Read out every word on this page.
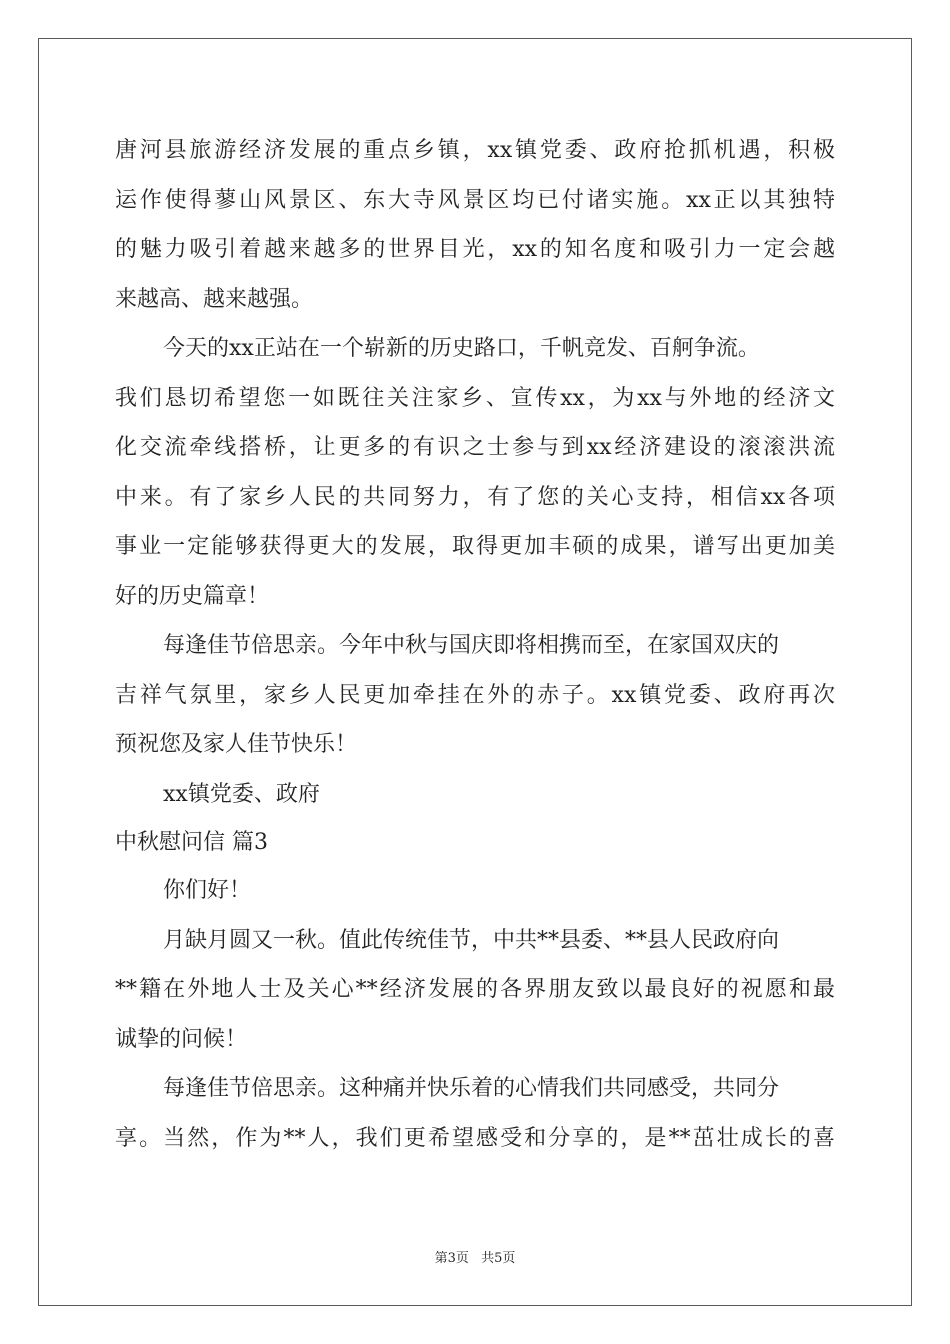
唐河县旅游经济发展的重点乡镇，xx镇党委、政府抢抓机遇，积极
运作使得蓼山风景区、东大寺风景区均已付诸实施。xx正以其独特
的魅力吸引着越来越多的世界目光，xx的知名度和吸引力一定会越
来越高、越来越强。
今天的xx正站在一个崭新的历史路口，千帆竞发、百舸争流。
我们恳切希望您一如既往关注家乡、宣传xx，为xx与外地的经济文
化交流牵线搭桥，让更多的有识之士参与到xx经济建设的滚滚洪流
中来。有了家乡人民的共同努力，有了您的关心支持，相信xx各项
事业一定能够获得更大的发展，取得更加丰硕的成果，谱写出更加美
好的历史篇章！
每逢佳节倍思亲。今年中秋与国庆即将相携而至，在家国双庆的
吉祥气氛里，家乡人民更加牵挂在外的赤子。xx镇党委、政府再次
预祝您及家人佳节快乐！
xx镇党委、政府
中秋慰问信 篇3
你们好！
月缺月圆又一秋。值此传统佳节，中共**县委、**县人民政府向
**籍在外地人士及关心**经济发展的各界朋友致以最良好的祝愿和最
诚挚的问候！
每逢佳节倍思亲。这种痛并快乐着的心情我们共同感受，共同分
享。当然，作为**人，我们更希望感受和分享的，是**茁壮成长的喜
第3页 共5页
